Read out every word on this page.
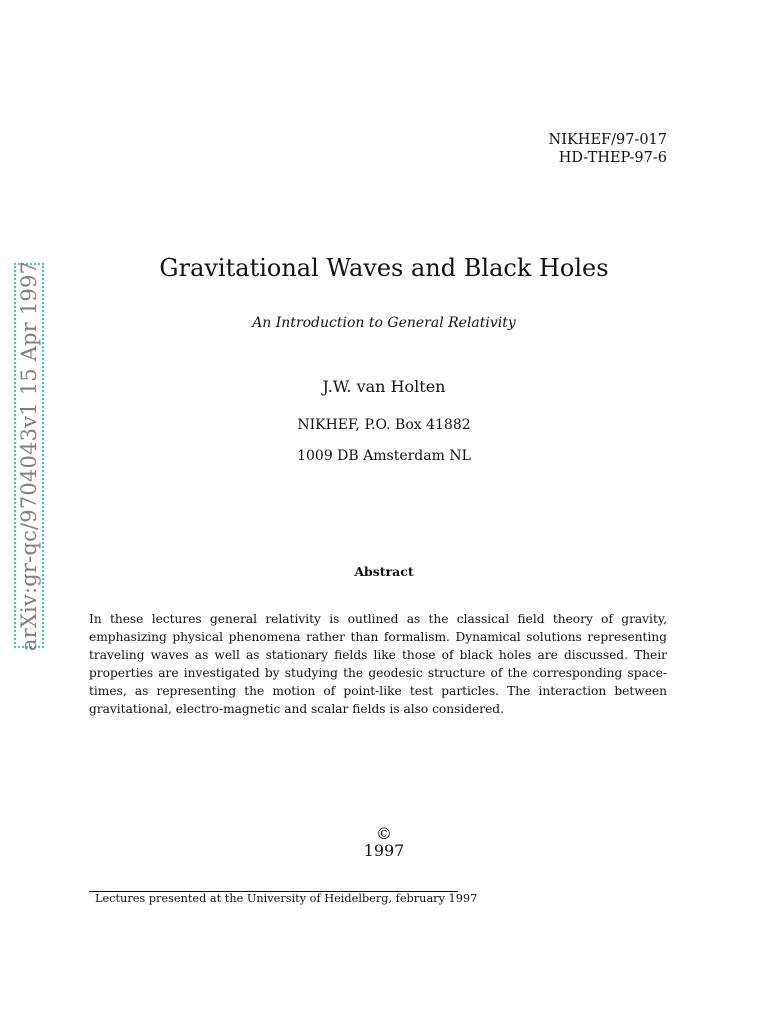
NIKHEF/97-017
HD-THEP-97-6
arXiv:gr-qc/9704043v1 15 Apr 1997	Gravitational Waves and Black Holes
An Introduction to General Relativity
J.W. van Holten
NIKHEF, P.O. Box 41882
1009 DB Amsterdam NL
Abstract
In these lectures general relativity is outlined as the classical field theory of gravity, emphasizing physical phenomena rather than formalism. Dynamical solutions representing traveling waves as well as stationary fields like those of black holes are discussed. Their properties are investigated by studying the geodesic structure of the corresponding space-times, as representing the motion of point-like test particles. The interaction between gravitational, electro-magnetic and scalar fields is also considered.
©
1997
Lectures presented at the University of Heidelberg, february 1997
